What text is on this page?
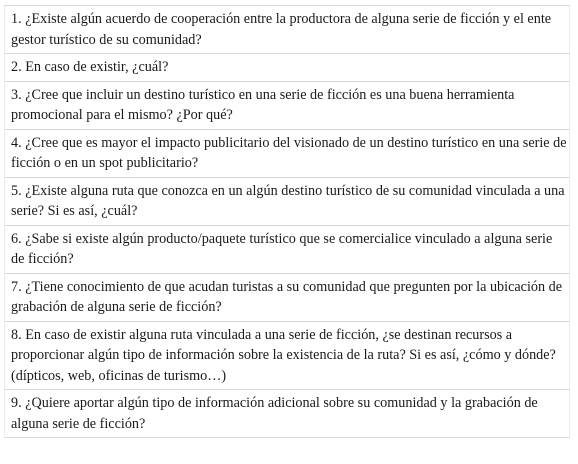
1. ¿Existe algún acuerdo de cooperación entre la productora de alguna serie de ficción y el ente gestor turístico de su comunidad?
2. En caso de existir, ¿cuál?
3. ¿Cree que incluir un destino turístico en una serie de ficción es una buena herramienta promocional para el mismo? ¿Por qué?
4. ¿Cree que es mayor el impacto publicitario del visionado de un destino turístico en una serie de ficción o en un spot publicitario?
5. ¿Existe alguna ruta que conozca en un algún destino turístico de su comunidad vinculada a una serie? Si es así, ¿cuál?
6. ¿Sabe si existe algún producto/paquete turístico que se comercialice vinculado a alguna serie de ficción?
7. ¿Tiene conocimiento de que acudan turistas a su comunidad que pregunten por la ubicación de grabación de alguna serie de ficción?
8. En caso de existir alguna ruta vinculada a una serie de ficción, ¿se destinan recursos a proporcionar algún tipo de información sobre la existencia de la ruta? Si es así, ¿cómo y dónde? (dípticos, web, oficinas de turismo…)
9. ¿Quiere aportar algún tipo de información adicional sobre su comunidad y la grabación de alguna serie de ficción?
